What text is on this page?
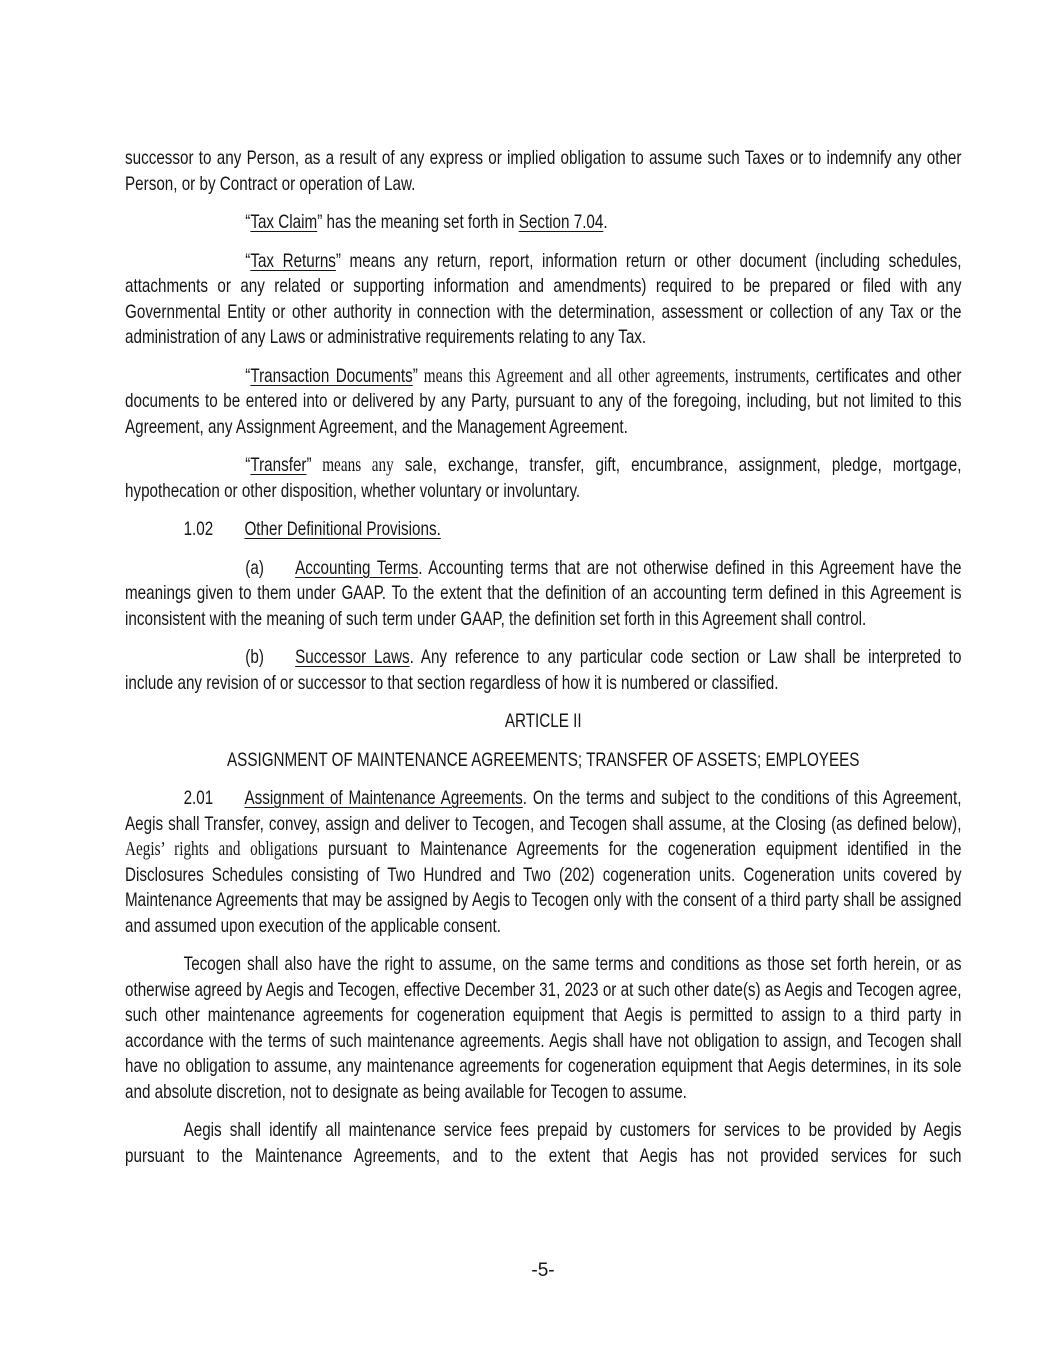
successor to any Person, as a result of any express or implied obligation to assume such Taxes or to indemnify any other Person, or by Contract or operation of Law.
“Tax Claim” has the meaning set forth in Section 7.04.
“Tax Returns” means any return, report, information return or other document (including schedules, attachments or any related or supporting information and amendments) required to be prepared or filed with any Governmental Entity or other authority in connection with the determination, assessment or collection of any Tax or the administration of any Laws or administrative requirements relating to any Tax.
“Transaction Documents” means this Agreement and all other agreements, instruments, certificates and other documents to be entered into or delivered by any Party, pursuant to any of the foregoing, including, but not limited to this Agreement, any Assignment Agreement, and the Management Agreement.
“Transfer” means any sale, exchange, transfer, gift, encumbrance, assignment, pledge, mortgage, hypothecation or other disposition, whether voluntary or involuntary.
1.02 Other Definitional Provisions.
(a) Accounting Terms. Accounting terms that are not otherwise defined in this Agreement have the meanings given to them under GAAP. To the extent that the definition of an accounting term defined in this Agreement is inconsistent with the meaning of such term under GAAP, the definition set forth in this Agreement shall control.
(b) Successor Laws. Any reference to any particular code section or Law shall be interpreted to include any revision of or successor to that section regardless of how it is numbered or classified.
ARTICLE II
ASSIGNMENT OF MAINTENANCE AGREEMENTS; TRANSFER OF ASSETS; EMPLOYEES
2.01 Assignment of Maintenance Agreements. On the terms and subject to the conditions of this Agreement, Aegis shall Transfer, convey, assign and deliver to Tecogen, and Tecogen shall assume, at the Closing (as defined below), Aegis’ rights and obligations pursuant to Maintenance Agreements for the cogeneration equipment identified in the Disclosures Schedules consisting of Two Hundred and Two (202) cogeneration units. Cogeneration units covered by Maintenance Agreements that may be assigned by Aegis to Tecogen only with the consent of a third party shall be assigned and assumed upon execution of the applicable consent.
Tecogen shall also have the right to assume, on the same terms and conditions as those set forth herein, or as otherwise agreed by Aegis and Tecogen, effective December 31, 2023 or at such other date(s) as Aegis and Tecogen agree, such other maintenance agreements for cogeneration equipment that Aegis is permitted to assign to a third party in accordance with the terms of such maintenance agreements. Aegis shall have not obligation to assign, and Tecogen shall have no obligation to assume, any maintenance agreements for cogeneration equipment that Aegis determines, in its sole and absolute discretion, not to designate as being available for Tecogen to assume.
Aegis shall identify all maintenance service fees prepaid by customers for services to be provided by Aegis pursuant to the Maintenance Agreements, and to the extent that Aegis has not provided services for such
-5-
